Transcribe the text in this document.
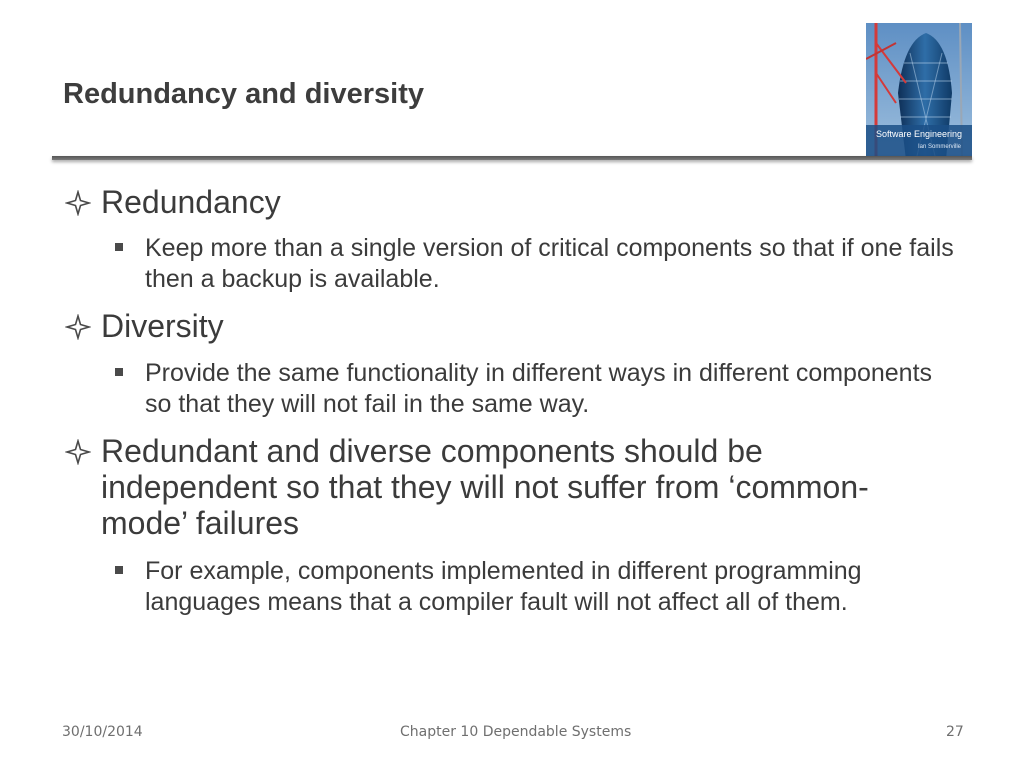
Redundancy and diversity
Software Engineering
Ian Sommerville
Redundancy
Keep more than a single version of critical components so that if one fails then a backup is available.
Diversity
Provide the same functionality in different ways in different components so that they will not fail in the same way.
Redundant and diverse components should be independent so that they will not suffer from ‘common-mode’ failures
For example, components implemented in different programming languages means that a compiler fault will not affect all of them.
30/10/2014	Chapter 10 Dependable Systems	27
